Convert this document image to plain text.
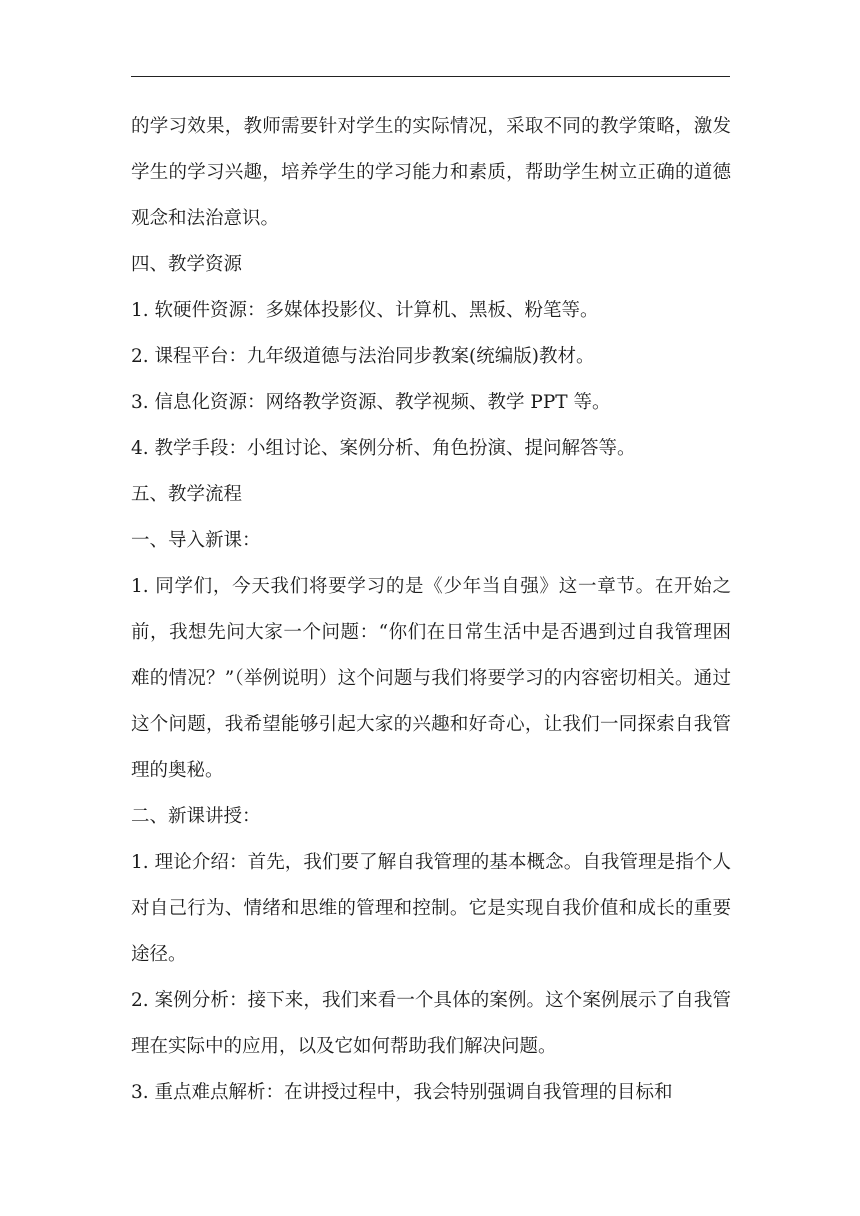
的学习效果，教师需要针对学生的实际情况，采取不同的教学策略，激发学生的学习兴趣，培养学生的学习能力和素质，帮助学生树立正确的道德观念和法治意识。

四、教学资源

1. 软硬件资源：多媒体投影仪、计算机、黑板、粉笔等。

2. 课程平台：九年级道德与法治同步教案(统编版)教材。

3. 信息化资源：网络教学资源、教学视频、教学 PPT 等。

4. 教学手段：小组讨论、案例分析、角色扮演、提问解答等。

五、教学流程

一、导入新课：

1. 同学们，今天我们将要学习的是《少年当自强》这一章节。在开始之前，我想先问大家一个问题：“你们在日常生活中是否遇到过自我管理困难的情况？”（举例说明）这个问题与我们将要学习的内容密切相关。通过这个问题，我希望能够引起大家的兴趣和好奇心，让我们一同探索自我管理的奥秘。

二、新课讲授：

1. 理论介绍：首先，我们要了解自我管理的基本概念。自我管理是指个人对自己行为、情绪和思维的管理和控制。它是实现自我价值和成长的重要途径。

2. 案例分析：接下来，我们来看一个具体的案例。这个案例展示了自我管理在实际中的应用，以及它如何帮助我们解决问题。

3. 重点难点解析：在讲授过程中，我会特别强调自我管理的目标和
